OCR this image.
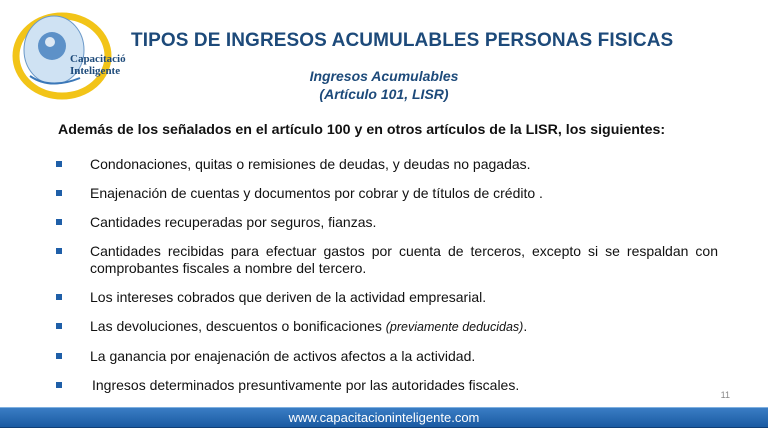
Capacitación
Inteligente
TIPOS DE INGRESOS ACUMULABLES PERSONAS FISICAS
Ingresos Acumulables
(Artículo 101, LISR)
Además de los señalados en el artículo 100 y en otros artículos de la LISR, los siguientes:
Condonaciones, quitas o remisiones de deudas, y deudas no pagadas.
Enajenación de cuentas y documentos por cobrar y de títulos de crédito .
Cantidades recuperadas por seguros, fianzas.
Cantidades recibidas para efectuar gastos por cuenta de terceros, excepto si se respaldan con comprobantes fiscales a nombre del tercero.
Los intereses cobrados que deriven de la actividad empresarial.
Las devoluciones, descuentos o bonificaciones (previamente deducidas).
La ganancia por enajenación de activos afectos a la actividad.
Ingresos determinados presuntivamente por las autoridades fiscales.
11
www.capacitacioninteligente.com
